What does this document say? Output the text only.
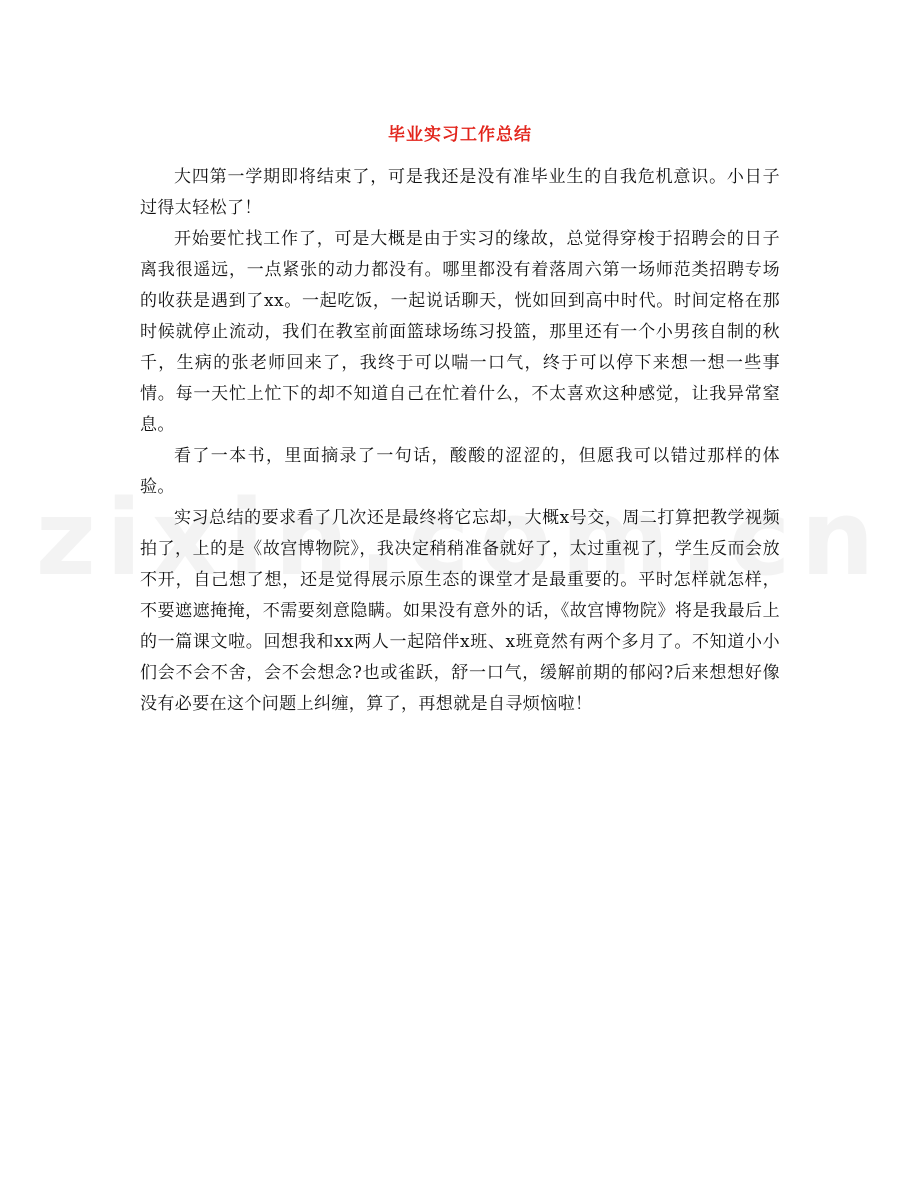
毕业实习工作总结

大四第一学期即将结束了，可是我还是没有准毕业生的自我危机意识。小日子过得太轻松了！

开始要忙找工作了，可是大概是由于实习的缘故，总觉得穿梭于招聘会的日子离我很遥远，一点紧张的动力都没有。哪里都没有着落周六第一场师范类招聘专场的收获是遇到了xx。一起吃饭，一起说话聊天，恍如回到高中时代。时间定格在那时候就停止流动，我们在教室前面篮球场练习投篮，那里还有一个小男孩自制的秋千，生病的张老师回来了，我终于可以喘一口气，终于可以停下来想一想一些事情。每一天忙上忙下的却不知道自己在忙着什么，不太喜欢这种感觉，让我异常窒息。

看了一本书，里面摘录了一句话，酸酸的涩涩的，但愿我可以错过那样的体验。

实习总结的要求看了几次还是最终将它忘却，大概x号交，周二打算把教学视频拍了，上的是《故宫博物院》，我决定稍稍准备就好了，太过重视了，学生反而会放不开，自己想了想，还是觉得展示原生态的课堂才是最重要的。平时怎样就怎样，不要遮遮掩掩，不需要刻意隐瞒。如果没有意外的话，《故宫博物院》将是我最后上的一篇课文啦。回想我和xx两人一起陪伴x班、x班竟然有两个多月了。不知道小小们会不会不舍，会不会想念?也或雀跃，舒一口气，缓解前期的郁闷?后来想想好像没有必要在这个问题上纠缠，算了，再想就是自寻烦恼啦！
